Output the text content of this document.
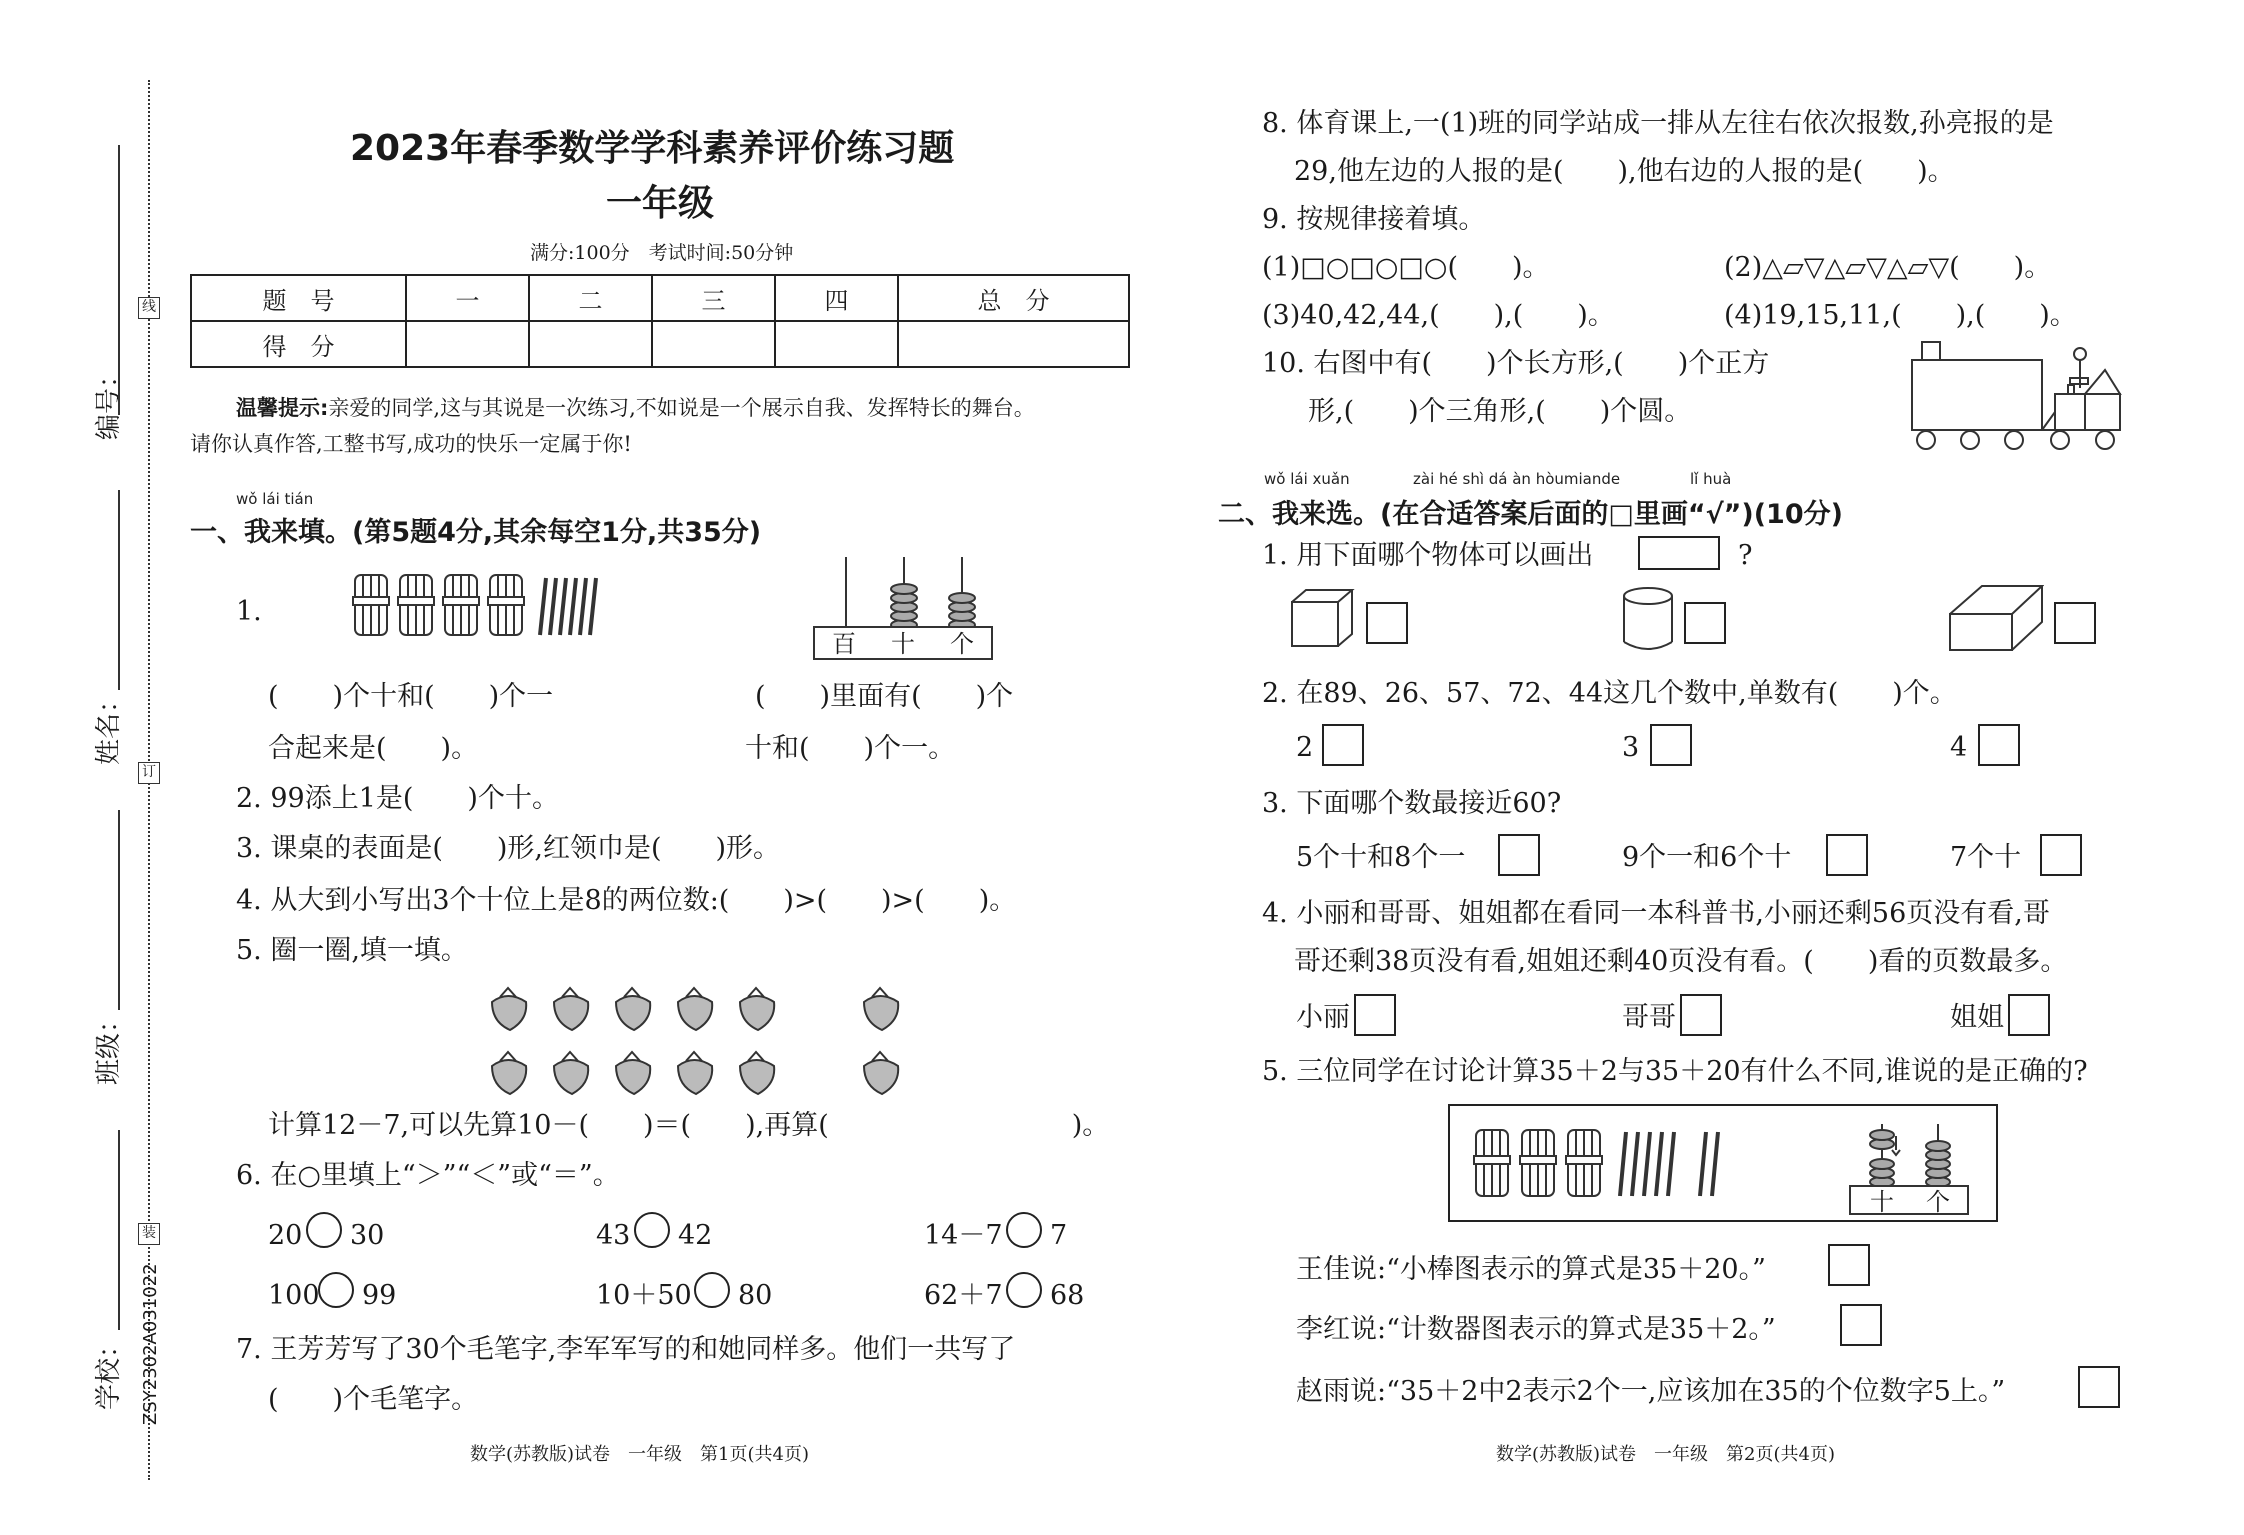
线
订
装
编号：
姓名：
班级：
学校： ZSY2302A031022
2023年春季数学学科素养评价练习题
一年级
满分:100分　考试时间:50分钟
题　号	一	二	三	四	总　分
得　分					
温馨提示:亲爱的同学,这与其说是一次练习,不如说是一个展示自我、发挥特长的舞台。
请你认真作答,工整书写,成功的快乐一定属于你!
wǒ lái tián
一、我来填。(第5题4分,其余每空1分,共35分)
1.
百 十 个
(　　)个十和(　　)个一
合起来是(　　)。
(　　)里面有(　　)个
十和(　　)个一。
2. 99添上1是(　　)个十。
3. 课桌的表面是(　　)形,红领巾是(　　)形。
4. 从大到小写出3个十位上是8的两位数:(　　)>(　　)>(　　)。
5. 圈一圈,填一填。
计算12－7,可以先算10－(　　)＝(　　),再算(　　　　　　　　　)。
6. 在○里填上“＞”“＜”或“＝”。
20 30	43 42	14－7 7
100 99	10＋50 80	62＋7 68
7. 王芳芳写了30个毛笔字,李军军写的和她同样多。他们一共写了
(　　)个毛笔字。
数学(苏教版)试卷　一年级　第1页(共4页)
8. 体育课上,一(1)班的同学站成一排从左往右依次报数,孙亮报的是
29,他左边的人报的是(　　),他右边的人报的是(　　)。
9. 按规律接着填。
(1)□○□○□○(　　)。	(2)△▱▽△▱▽△▱▽(　　)。
(3)40,42,44,(　　),(　　)。	(4)19,15,11,(　　),(　　)。
10. 右图中有(　　)个长方形,(　　)个正方
形,(　　)个三角形,(　　)个圆。
wǒ lái xuǎn	zài hé shì dá àn hòumiande	lǐ huà
二、我来选。(在合适答案后面的□里画“√”)(10分)
1. 用下面哪个物体可以画出	?
2. 在89、26、57、72、44这几个数中,单数有(　　)个。
2	3	4
3. 下面哪个数最接近60?
5个十和8个一	9个一和6个十	7个十
4. 小丽和哥哥、姐姐都在看同一本科普书,小丽还剩56页没有看,哥
哥还剩38页没有看,姐姐还剩40页没有看。(　　)看的页数最多。
小丽	哥哥	姐姐
5. 三位同学在讨论计算35＋2与35＋20有什么不同,谁说的是正确的?
十 个
王佳说:“小棒图表示的算式是35＋20。”
李红说:“计数器图表示的算式是35＋2。”
赵雨说:“35＋2中2表示2个一,应该加在35的个位数字5上。”
数学(苏教版)试卷　一年级　第2页(共4页)
